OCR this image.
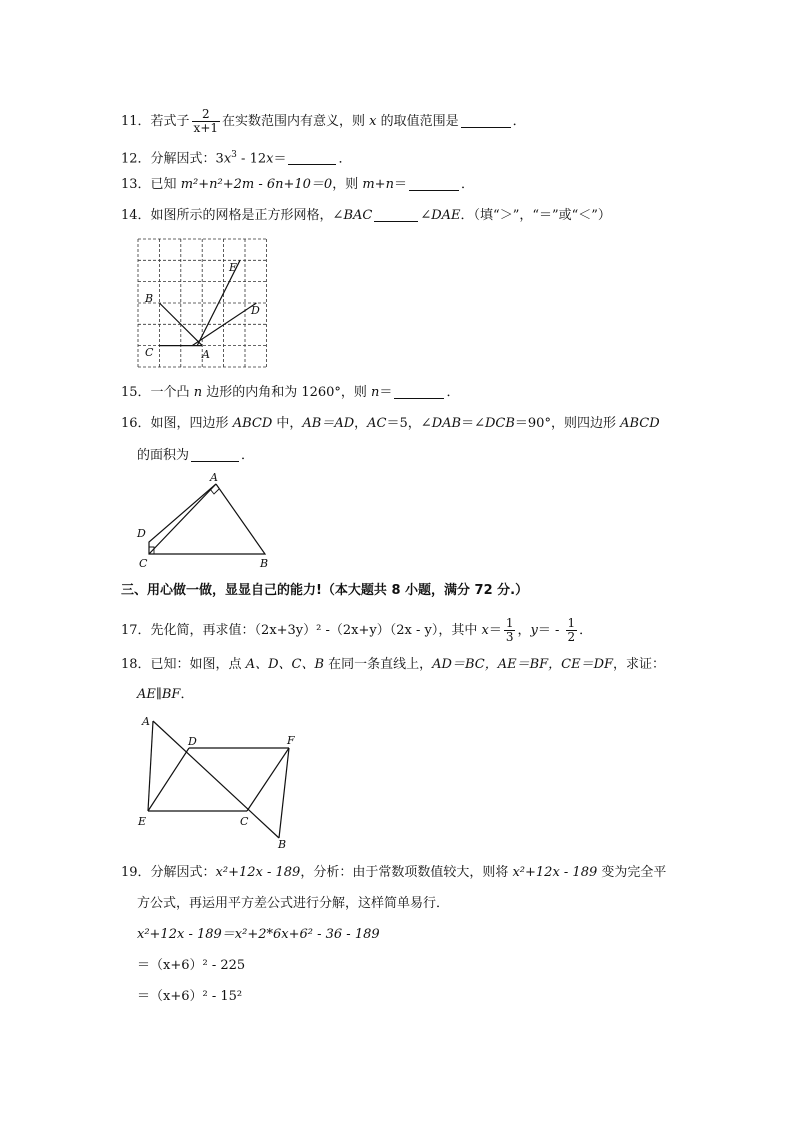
11．若式子 $\frac{2}{x+1}$ 在实数范围内有意义，则 x 的取值范围是	．
12．分解因式：$3x^3 - 12x=$	．
13．已知 m²+n²+2m - 6n+10＝0，则 m+n＝	．
14．如图所示的网格是正方形网格，∠BAC	∠DAE．（填“＞”，“＝”或“＜”）
E
B
D
C	A
15．一个凸 n 边形的内角和为 1260°，则 n＝	．
16．如图，四边形 ABCD 中，AB＝AD，AC＝5，∠DAB＝∠DCB＝90°，则四边形 ABCD
的面积为	．
A
D
C	B
三、用心做一做，显显自己的能力!（本大题共 8 小题，满分 72 分.）
17．先化简，再求值：（2x+3y）² -（2x+y）（2x - y），其中 $x= \frac{1}{3}$ ，$y= - \frac{1}{2}$ ．
18．已知：如图，点 A、D、C、B 在同一条直线上，AD＝BC，AE＝BF，CE＝DF，求证：
AE∥BF．
A
D	F
E	C
B
19．分解因式：x²+12x - 189，分析：由于常数项数值较大，则将 x²+12x - 189 变为完全平
方公式，再运用平方差公式进行分解，这样简单易行．
x²+12x - 189＝x²+2*6x+6² - 36 - 189
＝（x+6）² - 225
＝（x+6）² - 15²
